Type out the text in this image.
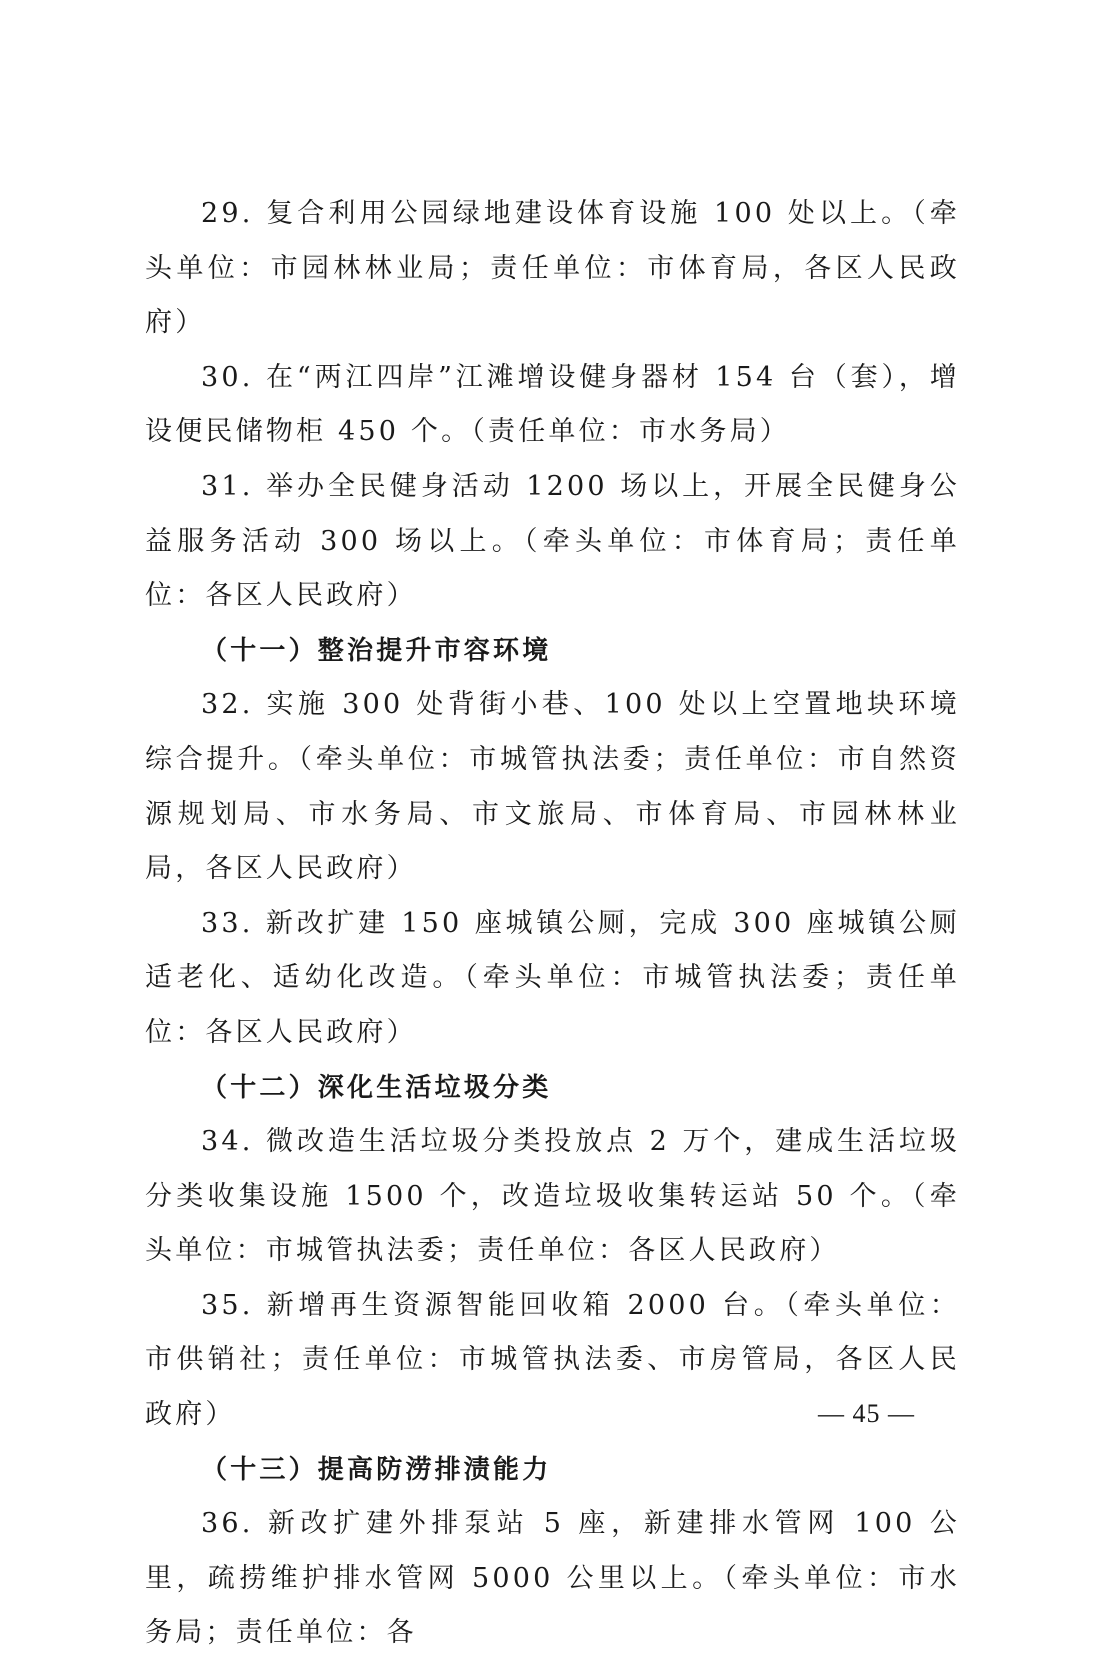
29. 复合利用公园绿地建设体育设施 100 处以上。（牵头单位：市园林林业局；责任单位：市体育局，各区人民政府）

30. 在“两江四岸”江滩增设健身器材 154 台（套），增设便民储物柜 450 个。（责任单位：市水务局）

31. 举办全民健身活动 1200 场以上，开展全民健身公益服务活动 300 场以上。（牵头单位：市体育局；责任单位：各区人民政府）

（十一）整治提升市容环境

32. 实施 300 处背街小巷、100 处以上空置地块环境综合提升。（牵头单位：市城管执法委；责任单位：市自然资源规划局、市水务局、市文旅局、市体育局、市园林林业局，各区人民政府）

33. 新改扩建 150 座城镇公厕，完成 300 座城镇公厕适老化、适幼化改造。（牵头单位：市城管执法委；责任单位：各区人民政府）

（十二）深化生活垃圾分类

34. 微改造生活垃圾分类投放点 2 万个，建成生活垃圾分类收集设施 1500 个，改造垃圾收集转运站 50 个。（牵头单位：市城管执法委；责任单位：各区人民政府）

35. 新增再生资源智能回收箱 2000 台。（牵头单位：市供销社；责任单位：市城管执法委、市房管局，各区人民政府）

（十三）提高防涝排渍能力

36. 新改扩建外排泵站 5 座，新建排水管网 100 公里，疏捞维护排水管网 5000 公里以上。（牵头单位：市水务局；责任单位：各

— 45 —
